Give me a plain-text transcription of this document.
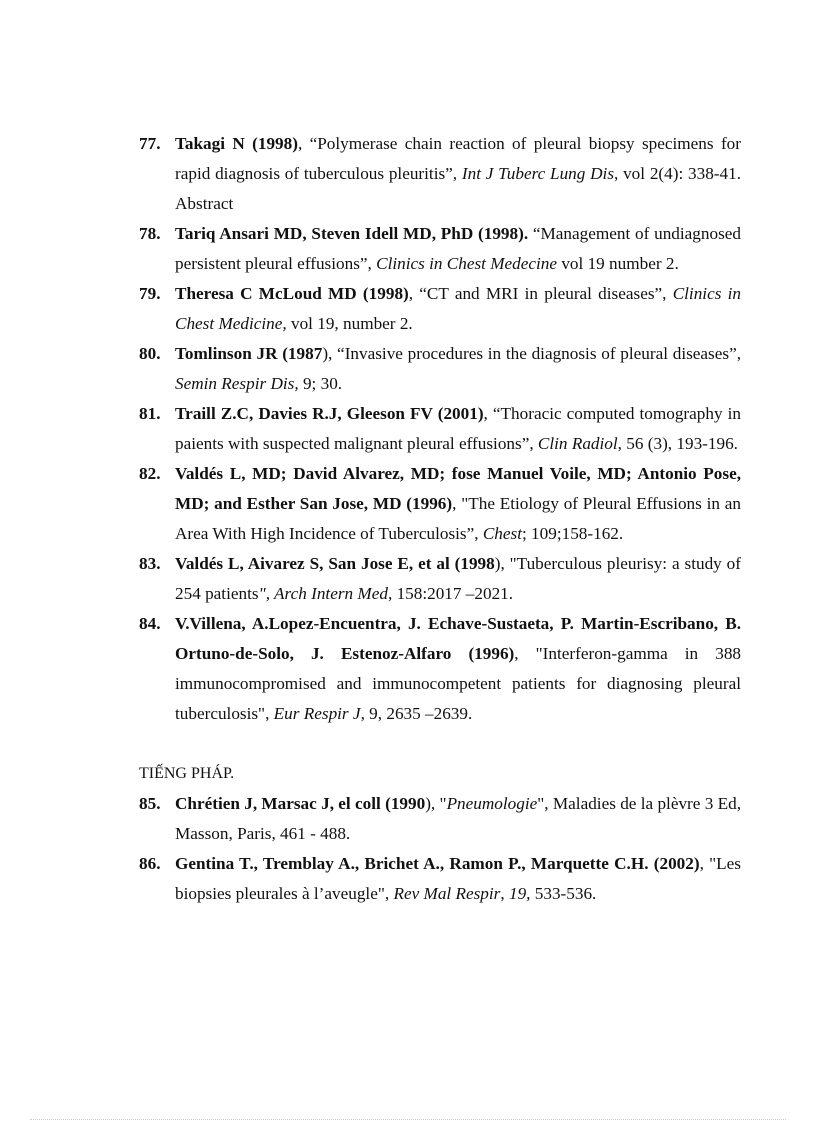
77. Takagi N (1998), “Polymerase chain reaction of pleural biopsy specimens for rapid diagnosis of tuberculous pleuritis”, Int J Tuberc Lung Dis, vol 2(4): 338-41. Abstract
78. Tariq Ansari MD, Steven Idell MD, PhD (1998). “Management of undiagnosed persistent pleural effusions”, Clinics in Chest Medecine vol 19 number 2.
79. Theresa C McLoud MD (1998), “CT and MRI in pleural diseases”, Clinics in Chest Medicine, vol 19, number 2.
80. Tomlinson JR (1987), “Invasive procedures in the diagnosis of pleural diseases”, Semin Respir Dis, 9; 30.
81. Traill Z.C, Davies R.J, Gleeson FV (2001), “Thoracic computed tomography in paients with suspected malignant pleural effusions”, Clin Radiol, 56 (3), 193-196.
82. Valdés L, MD; David Alvarez, MD; fose Manuel Voile, MD; Antonio Pose, MD; and Esther San Jose, MD (1996), "The Etiology of Pleural Effusions in an Area With High Incidence of Tuberculosis”, Chest; 109;158-162.
83. Valdés L, Aivarez S, San Jose E, et al (1998), "Tuberculous pleurisy: a study of 254 patients", Arch Intern Med, 158:2017 –2021.
84. V.Villena, A.Lopez-Encuentra, J. Echave-Sustaeta, P. Martin-Escribano, B. Ortuno-de-Solo, J. Estenoz-Alfaro (1996), "Interferon-gamma in 388 immunocompromised and immunocompetent patients for diagnosing pleural tuberculosis", Eur Respir J, 9, 2635 –2639.
TIẾNG PHÁP.
85. Chrétien J, Marsac J, el coll (1990), "Pneumologie", Maladies de la plèvre 3 Ed, Masson, Paris, 461 - 488.
86. Gentina T., Tremblay A., Brichet A., Ramon P., Marquette C.H. (2002), "Les biopsies pleurales à l’aveugle", Rev Mal Respir, 19, 533-536.
